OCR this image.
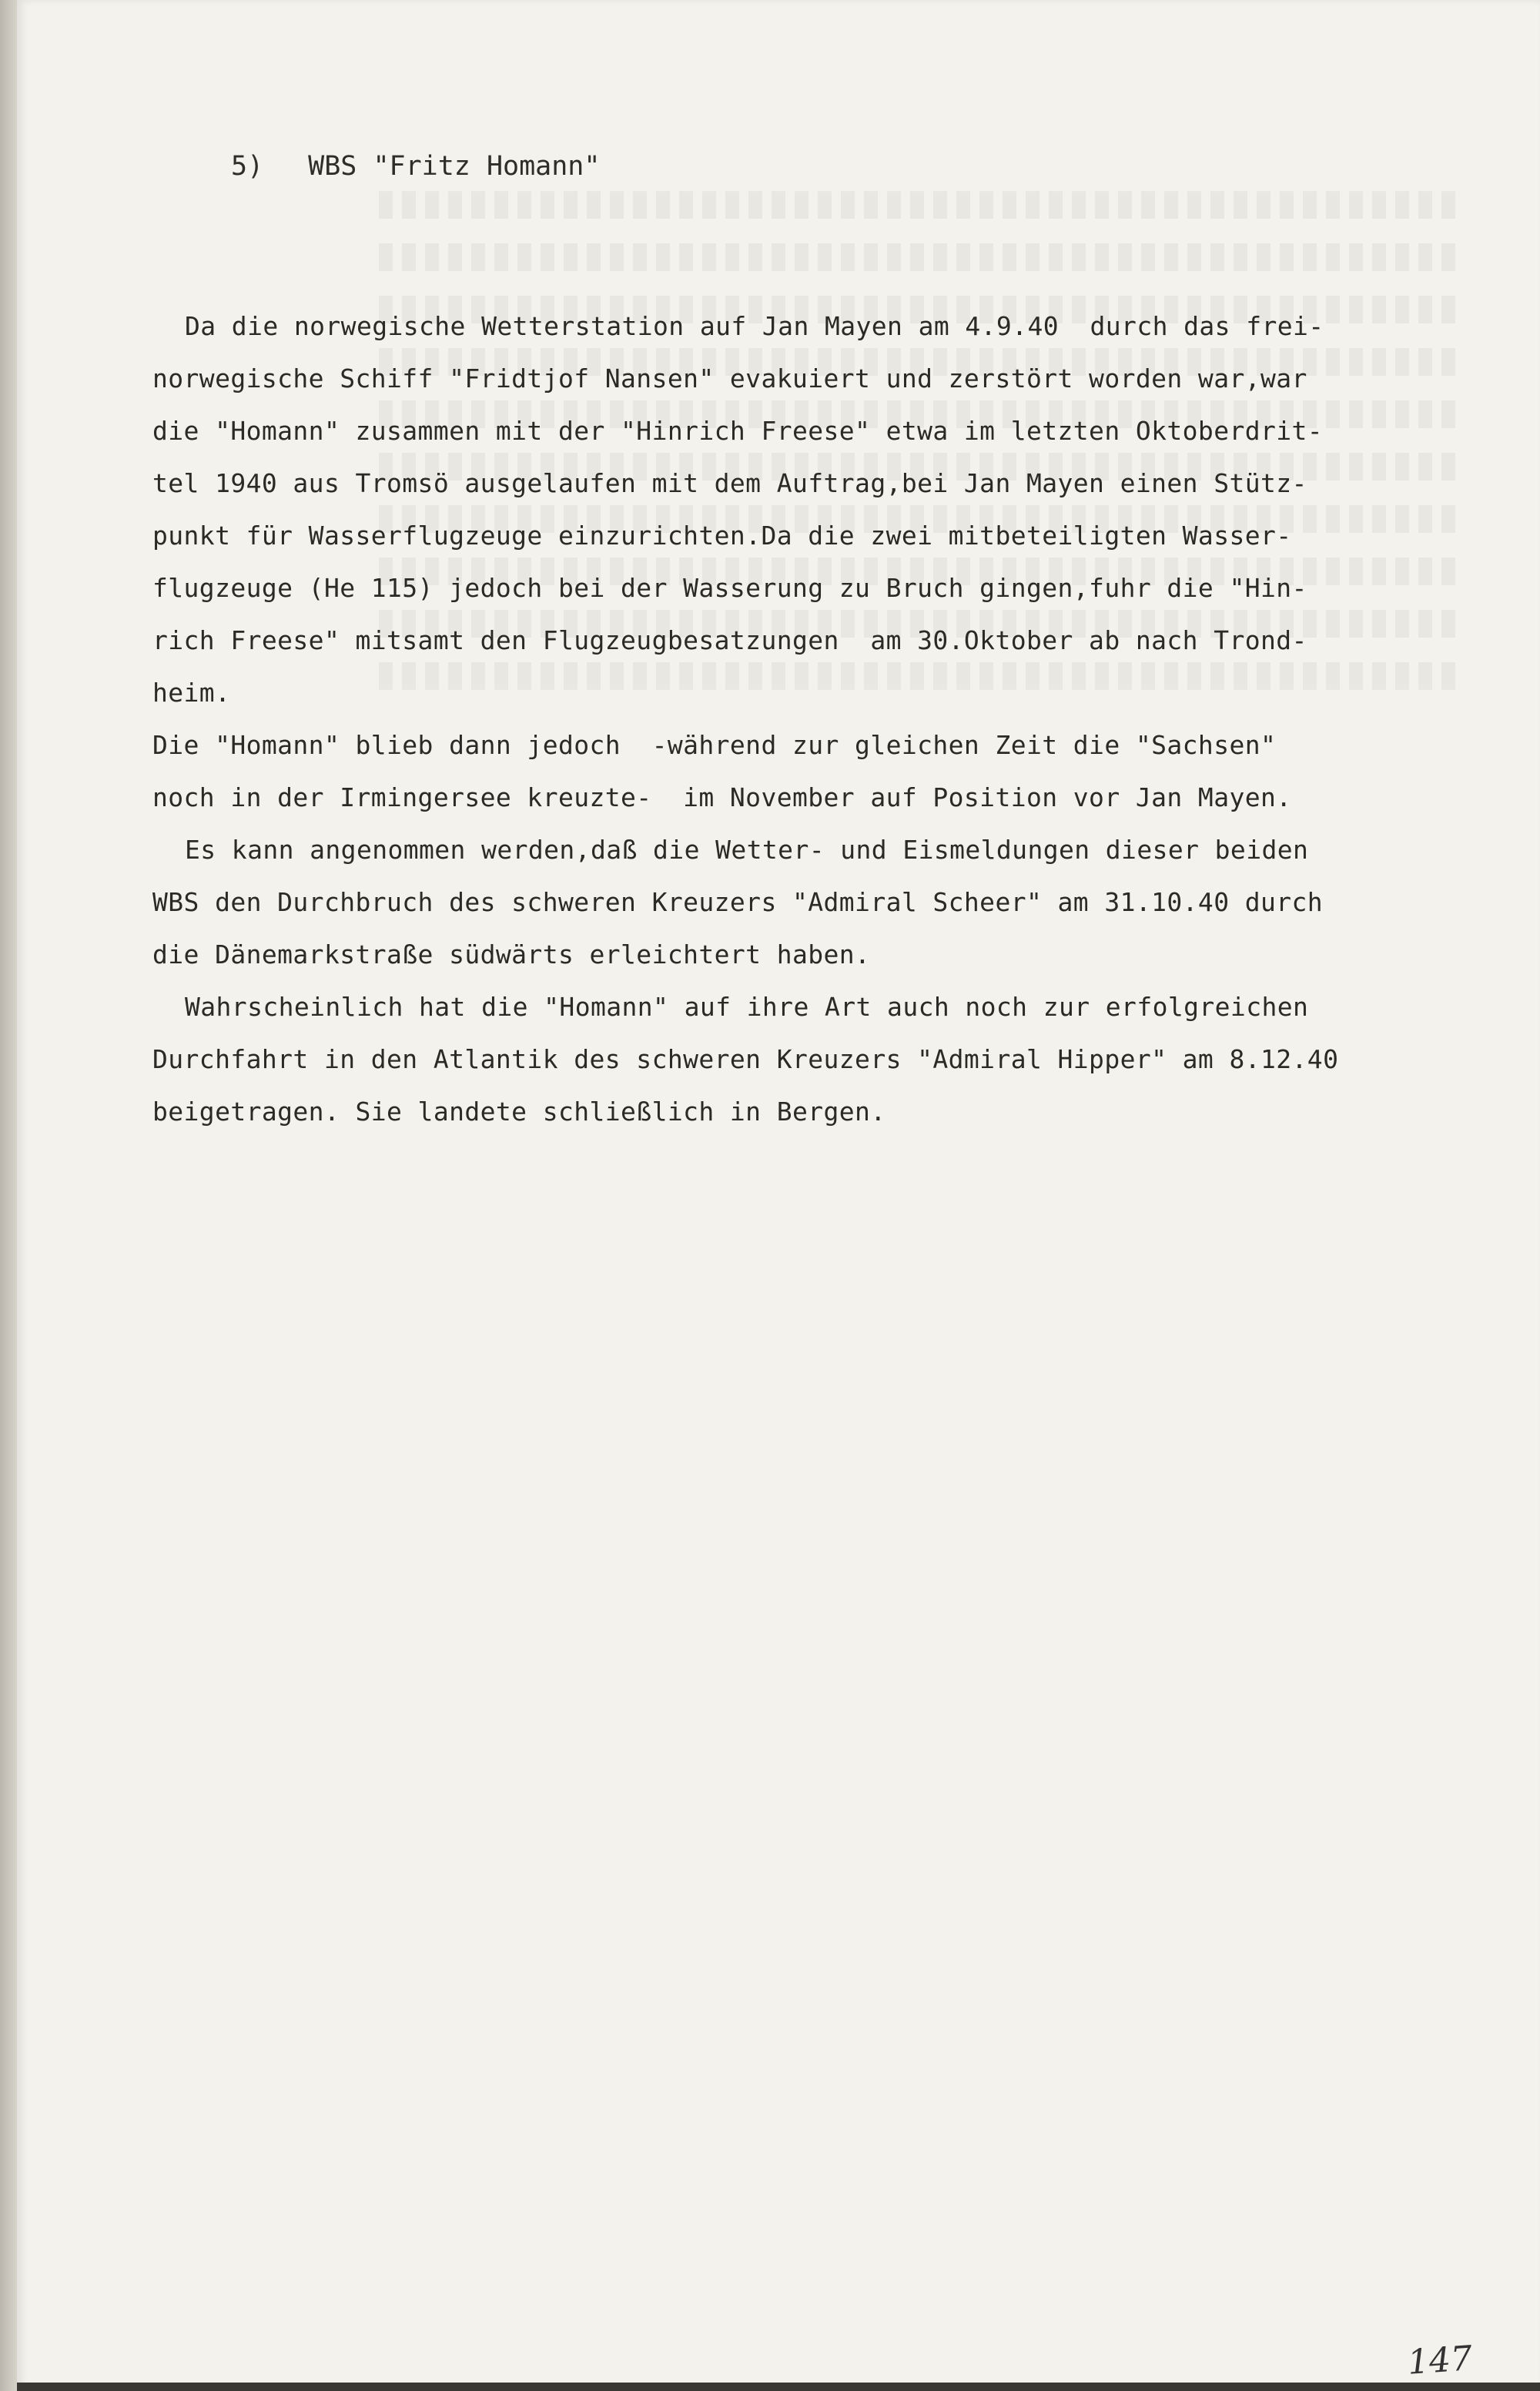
5) WBS "Fritz Homann"
Da die norwegische Wetterstation auf Jan Mayen am 4.9.40  durch das frei-
norwegische Schiff "Fridtjof Nansen" evakuiert und zerstört worden war,war
die "Homann" zusammen mit der "Hinrich Freese" etwa im letzten Oktoberdrit-
tel 1940 aus Tromsö ausgelaufen mit dem Auftrag,bei Jan Mayen einen Stütz-
punkt für Wasserflugzeuge einzurichten.Da die zwei mitbeteiligten Wasser-
flugzeuge (He 115) jedoch bei der Wasserung zu Bruch gingen,fuhr die "Hin-
rich Freese" mitsamt den Flugzeugbesatzungen  am 30.Oktober ab nach Trond-
heim.
Die "Homann" blieb dann jedoch  -während zur gleichen Zeit die "Sachsen"
noch in der Irmingersee kreuzte-  im November auf Position vor Jan Mayen.
Es kann angenommen werden,daß die Wetter- und Eismeldungen dieser beiden
WBS den Durchbruch des schweren Kreuzers "Admiral Scheer" am 31.10.40 durch
die Dänemarkstraße südwärts erleichtert haben.
Wahrscheinlich hat die "Homann" auf ihre Art auch noch zur erfolgreichen
Durchfahrt in den Atlantik des schweren Kreuzers "Admiral Hipper" am 8.12.40
beigetragen. Sie landete schließlich in Bergen.
147
